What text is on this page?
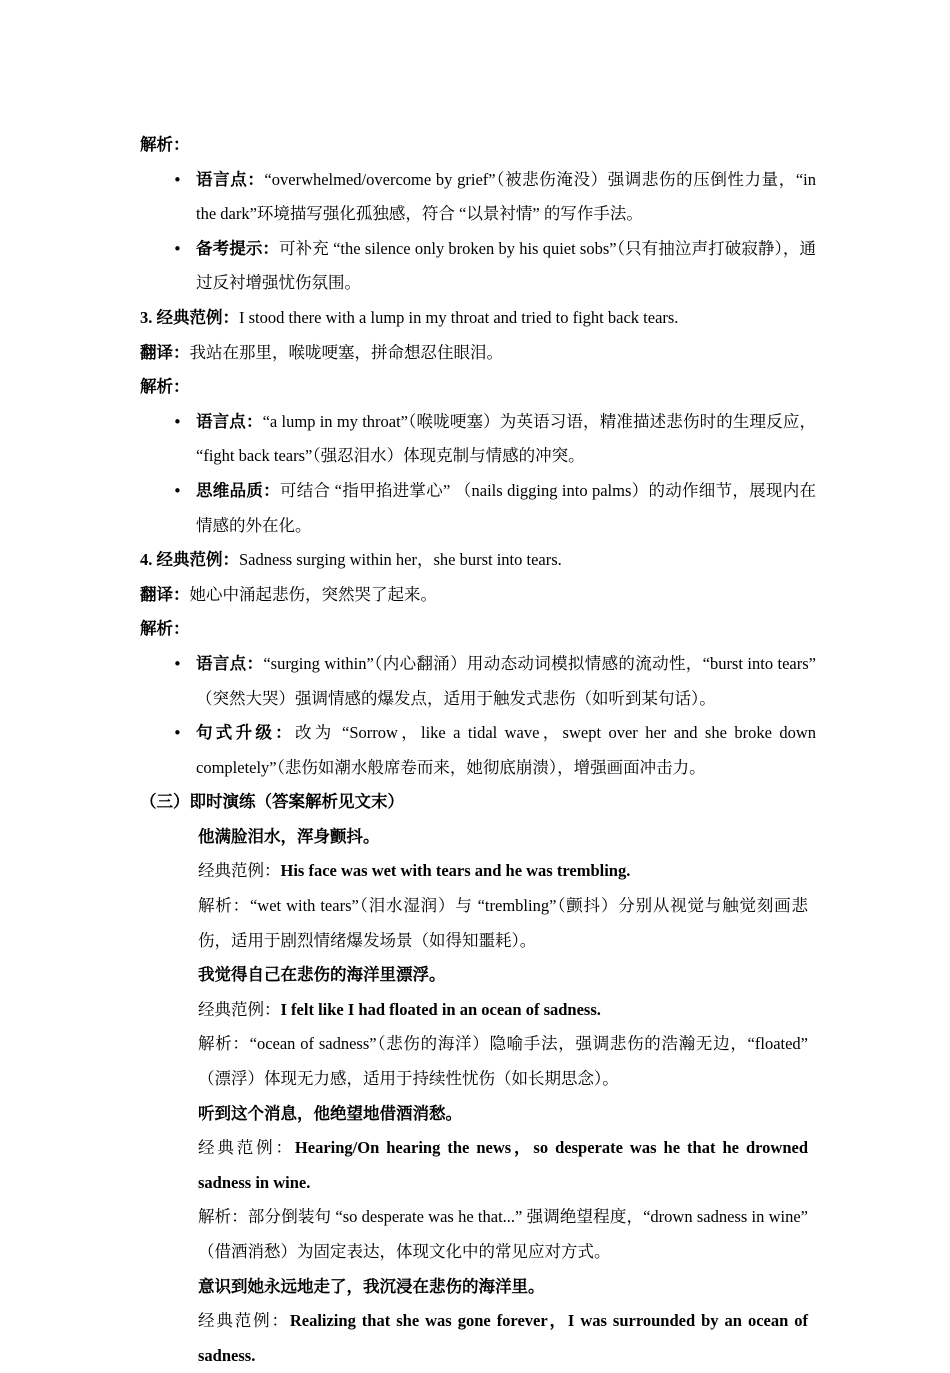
解析：
• 语言点：“overwhelmed/overcome by grief”（被悲伤淹没）强调悲伤的压倒性力量，“in the dark”环境描写强化孤独感，符合 “以景衬情” 的写作手法。
• 备考提示：可补充 “the silence only broken by his quiet sobs”（只有抽泣声打破寂静），通过反衬增强忧伤氛围。
3. 经典范例：I stood there with a lump in my throat and tried to fight back tears.
翻译：我站在那里，喉咙哽塞，拼命想忍住眼泪。
解析：
• 语言点：“a lump in my throat”（喉咙哽塞）为英语习语，精准描述悲伤时的生理反应，“fight back tears”（强忍泪水）体现克制与情感的冲突。
• 思维品质：可结合 “指甲掐进掌心” （nails digging into palms）的动作细节，展现内在情感的外在化。
4. 经典范例：Sadness surging within her，she burst into tears.
翻译：她心中涌起悲伤，突然哭了起来。
解析：
• 语言点：“surging within”（内心翻涌）用动态动词模拟情感的流动性，“burst into tears”（突然大哭）强调情感的爆发点，适用于触发式悲伤（如听到某句话）。
• 句式升级：改为 “Sorrow，like a tidal wave，swept over her and she broke down completely”（悲伤如潮水般席卷而来，她彻底崩溃），增强画面冲击力。
（三）即时演练（答案解析见文末）
他满脸泪水，浑身颤抖。
经典范例：His face was wet with tears and he was trembling.
解析：“wet with tears”（泪水湿润）与 “trembling”（颤抖）分别从视觉与触觉刻画悲伤，适用于剧烈情绪爆发场景（如得知噩耗）。
我觉得自己在悲伤的海洋里漂浮。
经典范例：I felt like I had floated in an ocean of sadness.
解析：“ocean of sadness”（悲伤的海洋）隐喻手法，强调悲伤的浩瀚无边，“floated”（漂浮）体现无力感，适用于持续性忧伤（如长期思念）。
听到这个消息，他绝望地借酒消愁。
经典范例：Hearing/On hearing the news，so desperate was he that he drowned sadness in wine.
解析：部分倒装句 “so desperate was he that...” 强调绝望程度，“drown sadness in wine”（借酒消愁）为固定表达，体现文化中的常见应对方式。
意识到她永远地走了，我沉浸在悲伤的海洋里。
经典范例：Realizing that she was gone forever，I was surrounded by an ocean of sadness.
